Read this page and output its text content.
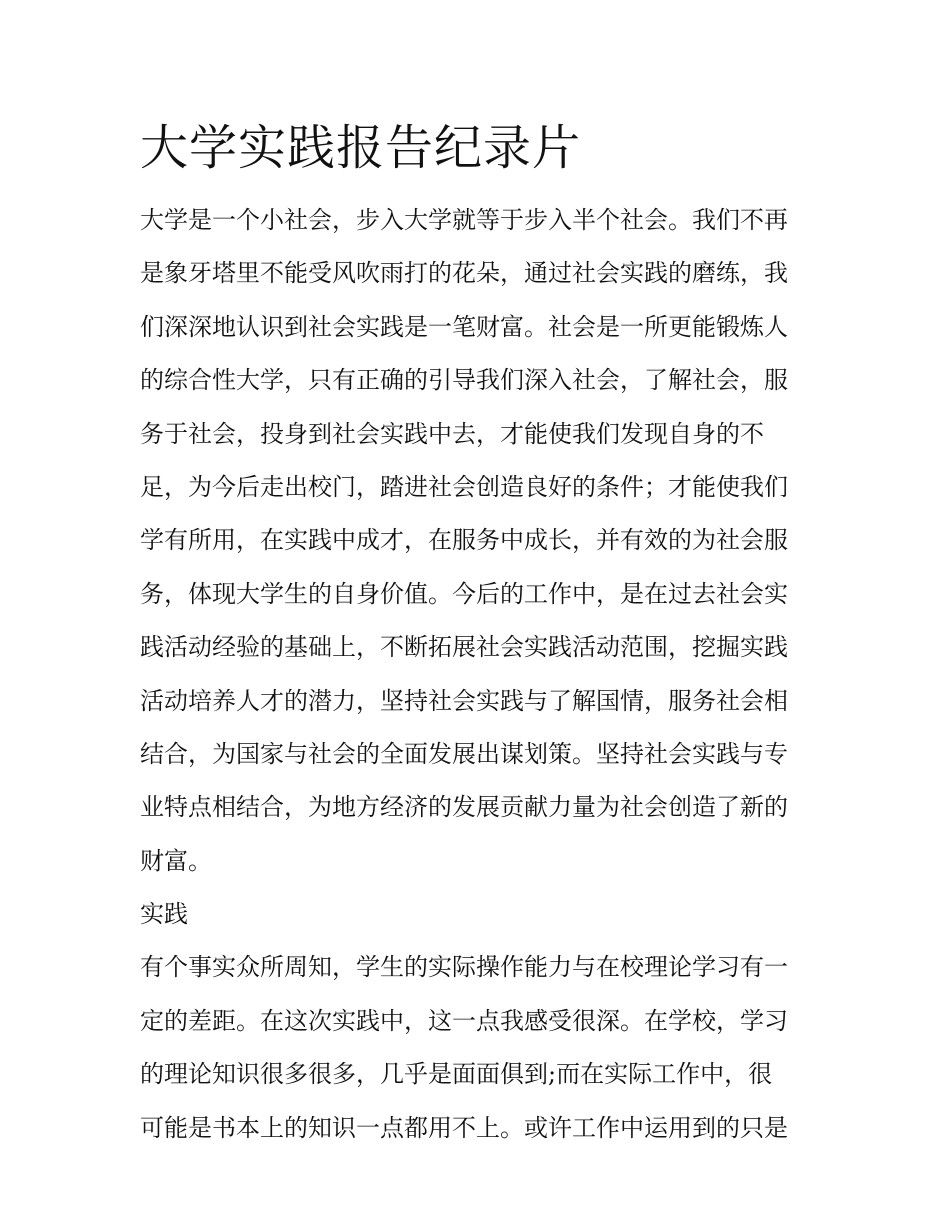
大学实践报告纪录片
大学是一个小社会，步入大学就等于步入半个社会。我们不再
是象牙塔里不能受风吹雨打的花朵，通过社会实践的磨练，我
们深深地认识到社会实践是一笔财富。社会是一所更能锻炼人
的综合性大学，只有正确的引导我们深入社会，了解社会，服
务于社会，投身到社会实践中去，才能使我们发现自身的不
足，为今后走出校门，踏进社会创造良好的条件；才能使我们
学有所用，在实践中成才，在服务中成长，并有效的为社会服
务，体现大学生的自身价值。今后的工作中，是在过去社会实
践活动经验的基础上，不断拓展社会实践活动范围，挖掘实践
活动培养人才的潜力，坚持社会实践与了解国情，服务社会相
结合，为国家与社会的全面发展出谋划策。坚持社会实践与专
业特点相结合，为地方经济的发展贡献力量为社会创造了新的
财富。
实践
有个事实众所周知，学生的实际操作能力与在校理论学习有一
定的差距。在这次实践中，这一点我感受很深。在学校，学习
的理论知识很多很多，几乎是面面俱到;而在实际工作中，很
可能是书本上的知识一点都用不上。或许工作中运用到的只是
